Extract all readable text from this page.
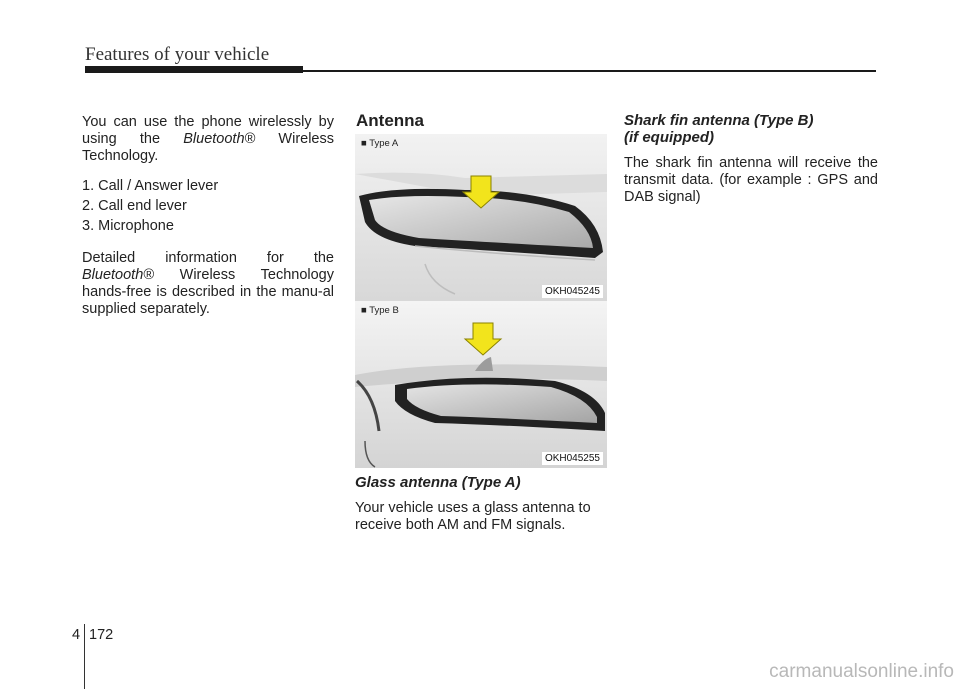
Features of your vehicle

You can use the phone wirelessly by using the Bluetooth® Wireless Technology.

1. Call / Answer lever

2. Call end lever

3. Microphone

Detailed information for the Bluetooth® Wireless Technology hands-free is described in the manu-al supplied separately.

Antenna
■ Type A
OKH045245
■ Type B
OKH045255

Glass antenna (Type A)

Your vehicle uses a glass antenna to receive both AM and FM signals.

Shark fin antenna (Type B)

(if equipped)

The shark fin antenna will receive the transmit data. (for example : GPS and DAB signal)

4 172
carmanualsonline.info
